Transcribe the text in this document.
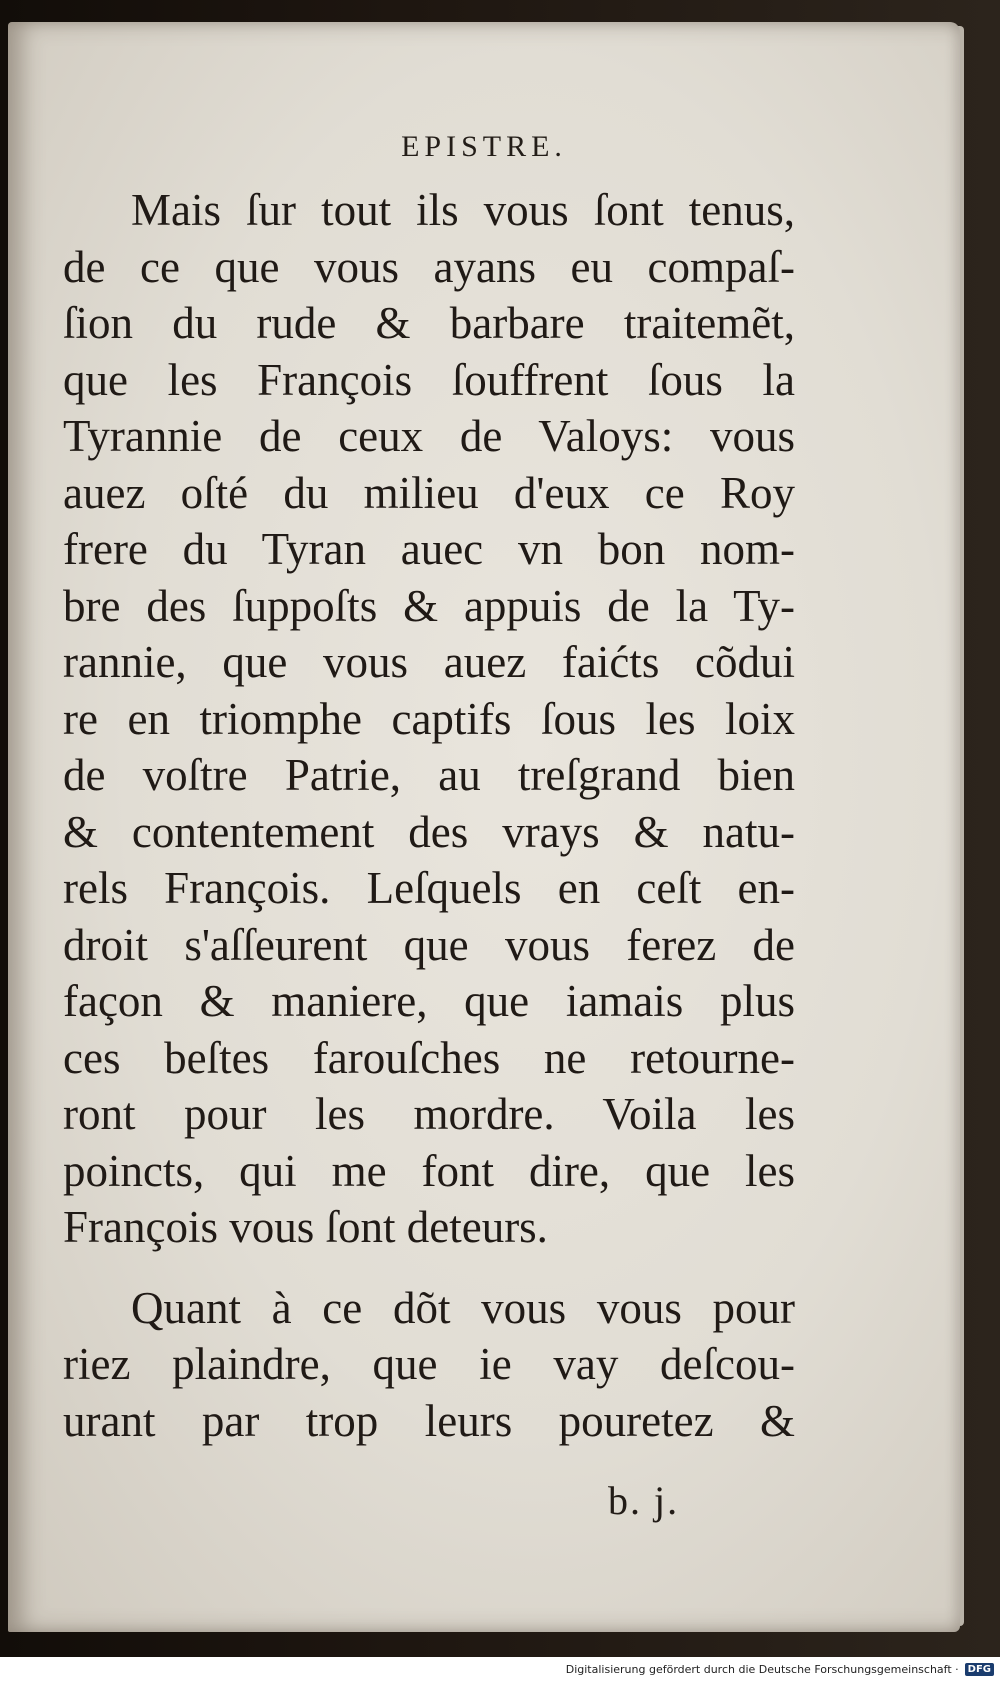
EPISTRE.
Mais ſur tout ils vous ſont tenus,
de ce que vous ayans eu compaſ-
ſion du rude & barbare traitemẽt,
que les François ſouffrent ſous la
Tyrannie de ceux de Valoys: vous
auez oſté du milieu d'eux ce Roy
frere du Tyran auec vn bon nom-
bre des ſuppoſts & appuis de la Ty-
rannie, que vous auez faićts cõdui
re en triomphe captifs ſous les loix
de voſtre Patrie, au treſgrand bien
& contentement des vrays & natu-
rels François. Leſquels en ceſt en-
droit s'aſſeurent que vous ferez de
façon & maniere, que iamais plus
ces beſtes farouſches ne retourne-
ront pour les mordre. Voila les
poincts, qui me font dire, que les
François vous ſont deteurs.
Quant à ce dõt vous vous pour
riez plaindre, que ie vay deſcou-
urant par trop leurs pouretez &
b. j.
Digitalisierung gefördert durch die Deutsche Forschungsgemeinschaft · DFG
